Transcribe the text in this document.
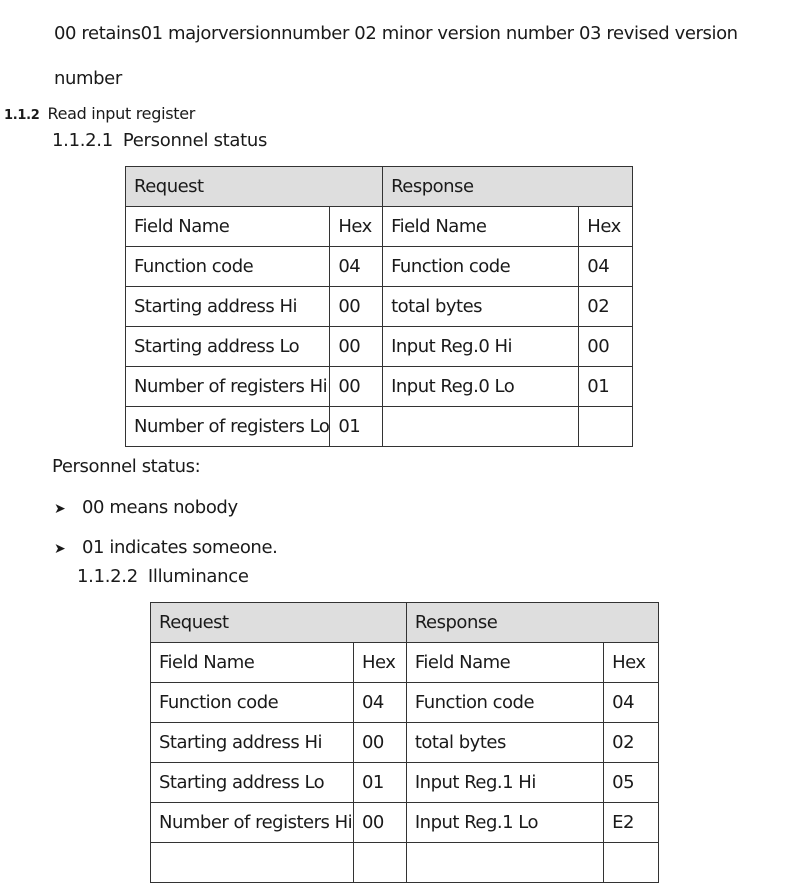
00 retains01 majorversionnumber 02 minor version number 03 revised version
number
1.1.2 Read input register
1.1.2.1 Personnel status
Request		Response	
Field Name	Hex	Field Name	Hex
Function code	04	Function code	04
Starting address Hi	00	total bytes	02
Starting address Lo	00	Input Reg.0 Hi	00
Number of registers Hi	00	Input Reg.0 Lo	01
Number of registers Lo	01		
Personnel status:
➤ 00 means nobody
➤ 01 indicates someone.
1.1.2.2 Illuminance
Request		Response	
Field Name	Hex	Field Name	Hex
Function code	04	Function code	04
Starting address Hi	00	total bytes	02
Starting address Lo	01	Input Reg.1 Hi	05
Number of registers Hi	00	Input Reg.1 Lo	E2
